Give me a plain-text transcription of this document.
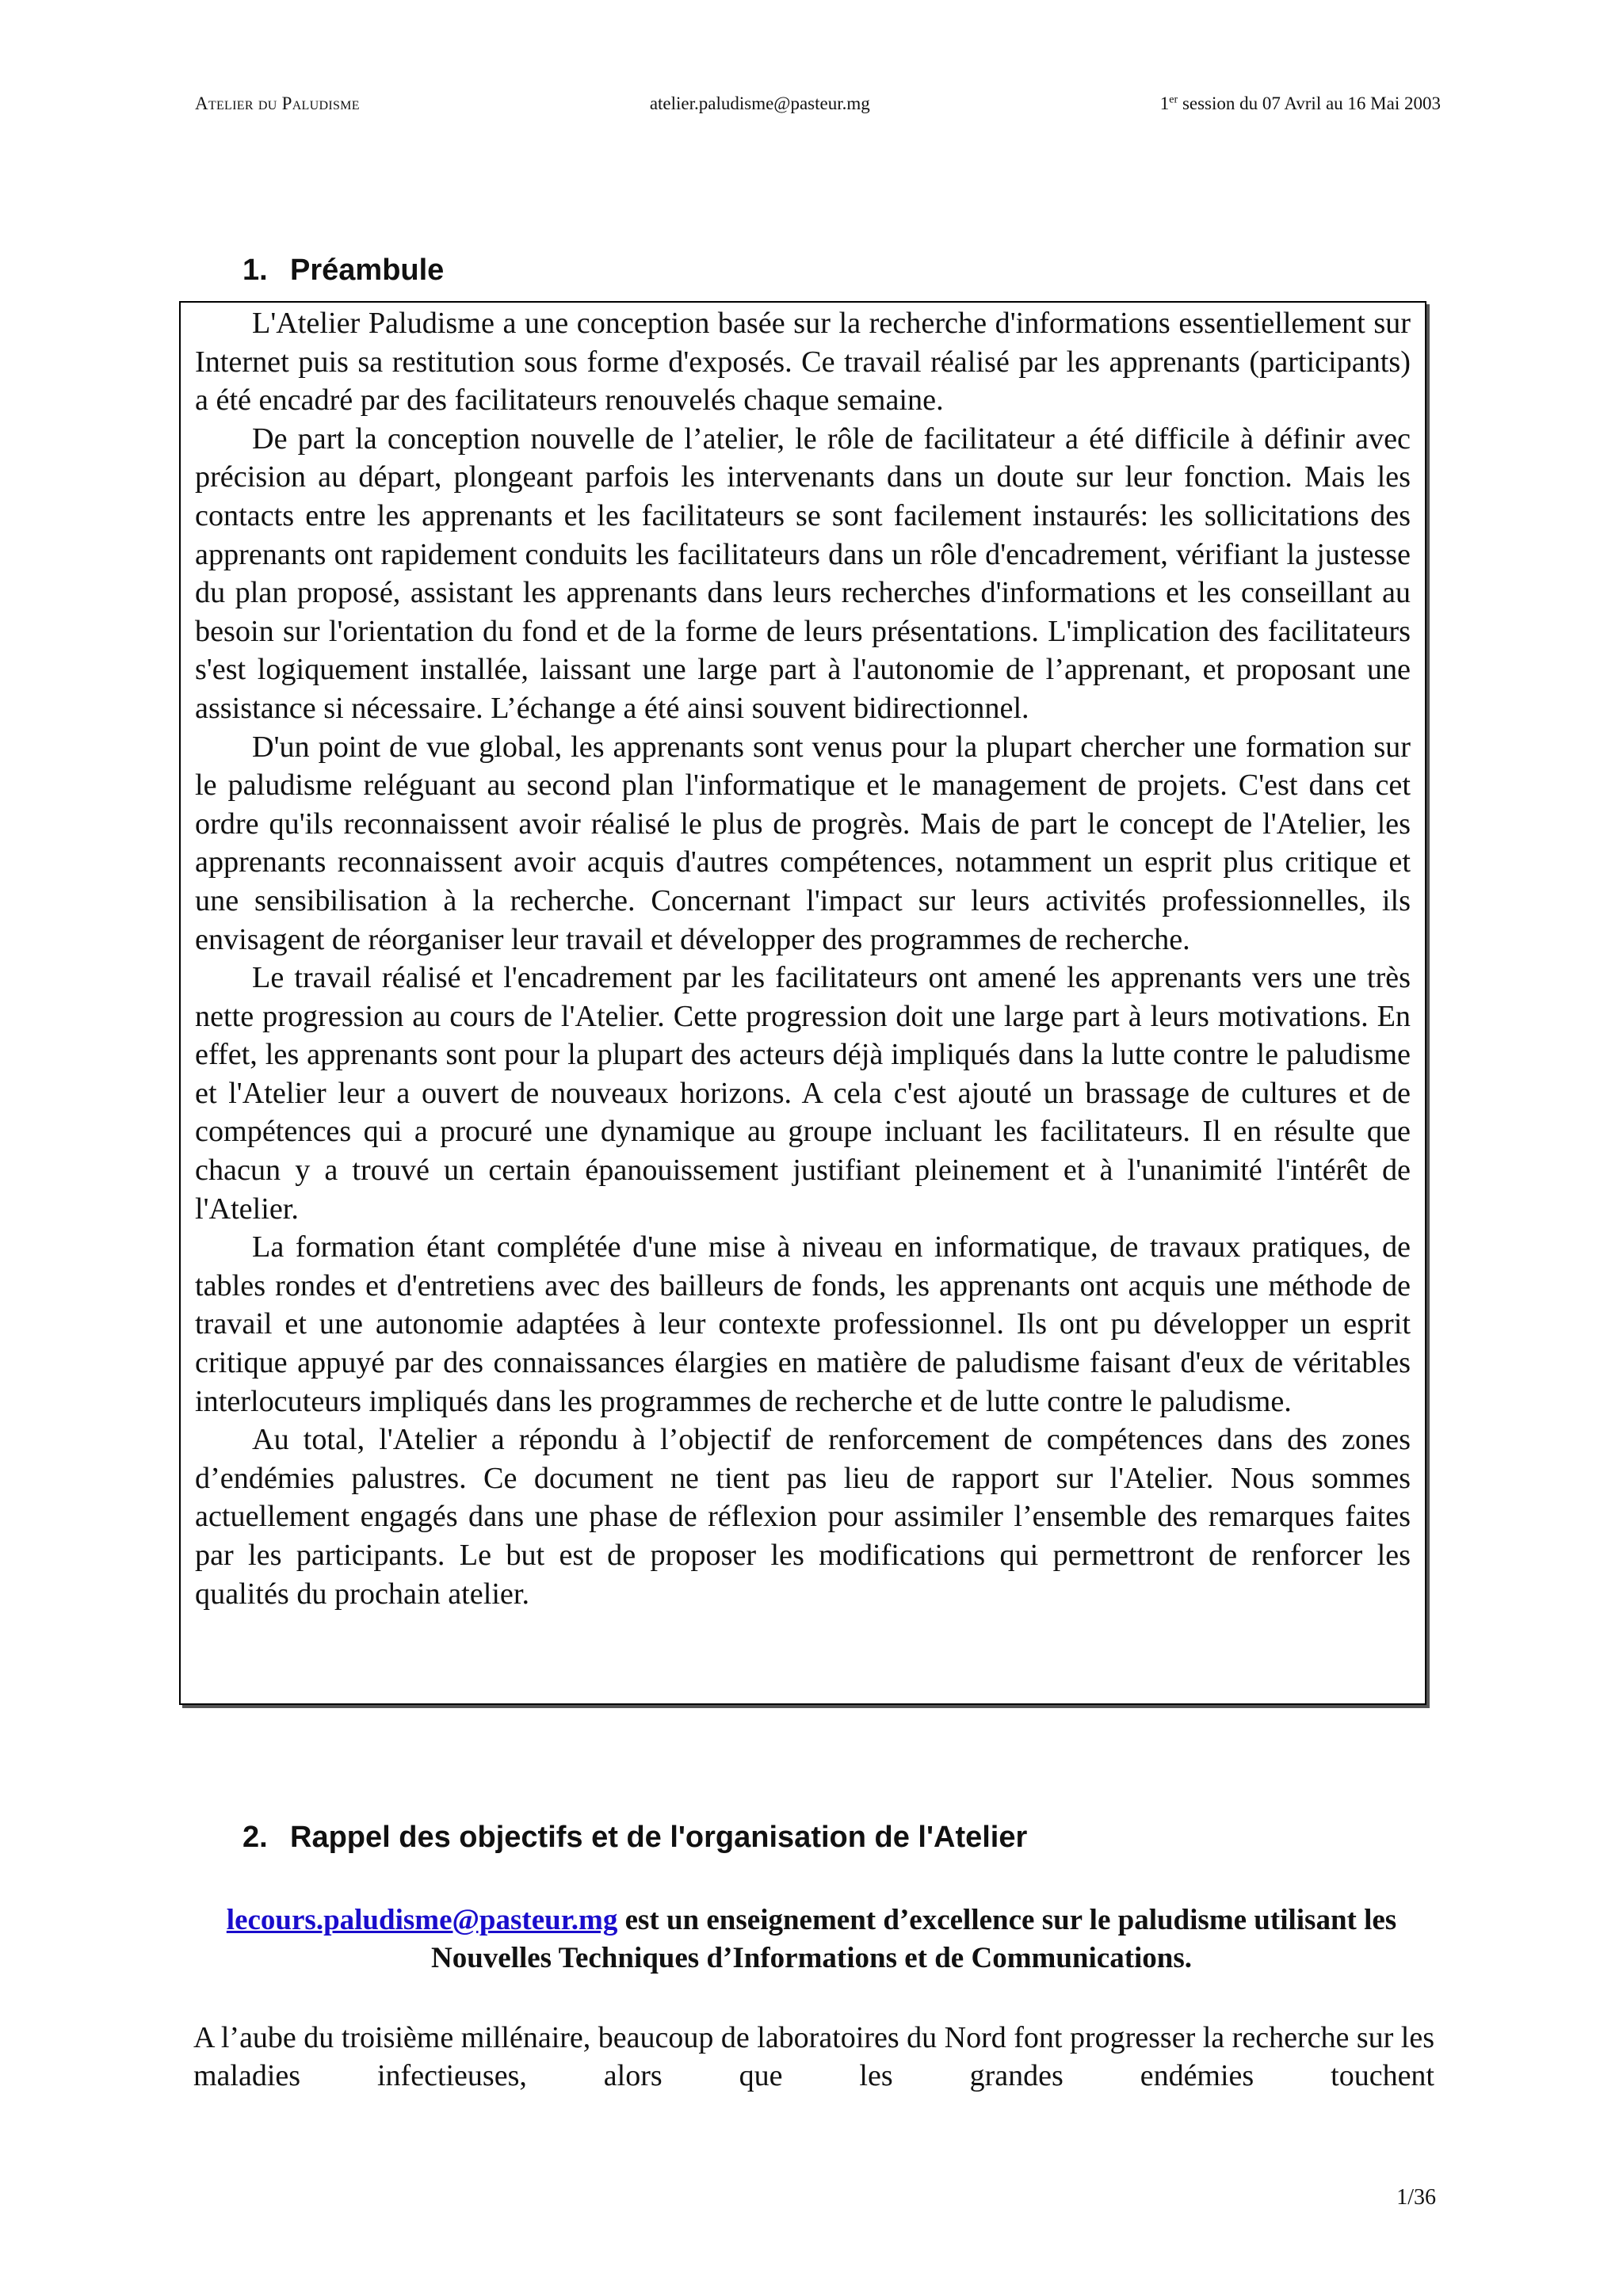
Atelier du Paludisme	atelier.paludisme@pasteur.mg	1er session du 07 Avril au 16 Mai 2003
1. Préambule

L'Atelier Paludisme a une conception basée sur la recherche d'informations essentiellement sur Internet puis sa restitution sous forme d'exposés. Ce travail réalisé par les apprenants (participants) a été encadré par des facilitateurs renouvelés chaque semaine.

De part la conception nouvelle de l’atelier, le rôle de facilitateur a été difficile à définir avec précision au départ, plongeant parfois les intervenants dans un doute sur leur fonction. Mais les contacts entre les apprenants et les facilitateurs se sont facilement instaurés: les sollicitations des apprenants ont rapidement conduits les facilitateurs dans un rôle d'encadrement, vérifiant la justesse du plan proposé, assistant les apprenants dans leurs recherches d'informations et les conseillant au besoin sur l'orientation du fond et de la forme de leurs présentations. L'implication des facilitateurs s'est logiquement installée, laissant une large part à l'autonomie de l’apprenant, et proposant une assistance si nécessaire. L’échange a été ainsi souvent bidirectionnel.

D'un point de vue global, les apprenants sont venus pour la plupart chercher une formation sur le paludisme reléguant au second plan l'informatique et le management de projets. C'est dans cet ordre qu'ils reconnaissent avoir réalisé le plus de progrès. Mais de part le concept de l'Atelier, les apprenants reconnaissent avoir acquis d'autres compétences, notamment un esprit plus critique et une sensibilisation à la recherche. Concernant l'impact sur leurs activités professionnelles, ils envisagent de réorganiser leur travail et développer des programmes de recherche.

Le travail réalisé et l'encadrement par les facilitateurs ont amené les apprenants vers une très nette progression au cours de l'Atelier. Cette progression doit une large part à leurs motivations. En effet, les apprenants sont pour la plupart des acteurs déjà impliqués dans la lutte contre le paludisme et l'Atelier leur a ouvert de nouveaux horizons. A cela c'est ajouté un brassage de cultures et de compétences qui a procuré une dynamique au groupe incluant les facilitateurs. Il en résulte que chacun y a trouvé un certain épanouissement justifiant pleinement et à l'unanimité l'intérêt de l'Atelier.

La formation étant complétée d'une mise à niveau en informatique, de travaux pratiques, de tables rondes et d'entretiens avec des bailleurs de fonds, les apprenants ont acquis une méthode de travail et une autonomie adaptées à leur contexte professionnel. Ils ont pu développer un esprit critique appuyé par des connaissances élargies en matière de paludisme faisant d'eux de véritables interlocuteurs impliqués dans les programmes de recherche et de lutte contre le paludisme.

Au total, l'Atelier a répondu à l’objectif de renforcement de compétences dans des zones d’endémies palustres. Ce document ne tient pas lieu de rapport sur l'Atelier. Nous sommes actuellement engagés dans une phase de réflexion pour assimiler l’ensemble des remarques faites par les participants. Le but est de proposer les modifications qui permettront de renforcer les qualités du prochain atelier.

2. Rappel des objectifs et de l'organisation de l'Atelier

lecours.paludisme@pasteur.mg est un enseignement d’excellence sur le paludisme utilisant les Nouvelles Techniques d’Informations et de Communications.

A l’aube du troisième millénaire, beaucoup de laboratoires du Nord font progresser la recherche sur les maladies infectieuses, alors que les grandes endémies touchent

1/36
